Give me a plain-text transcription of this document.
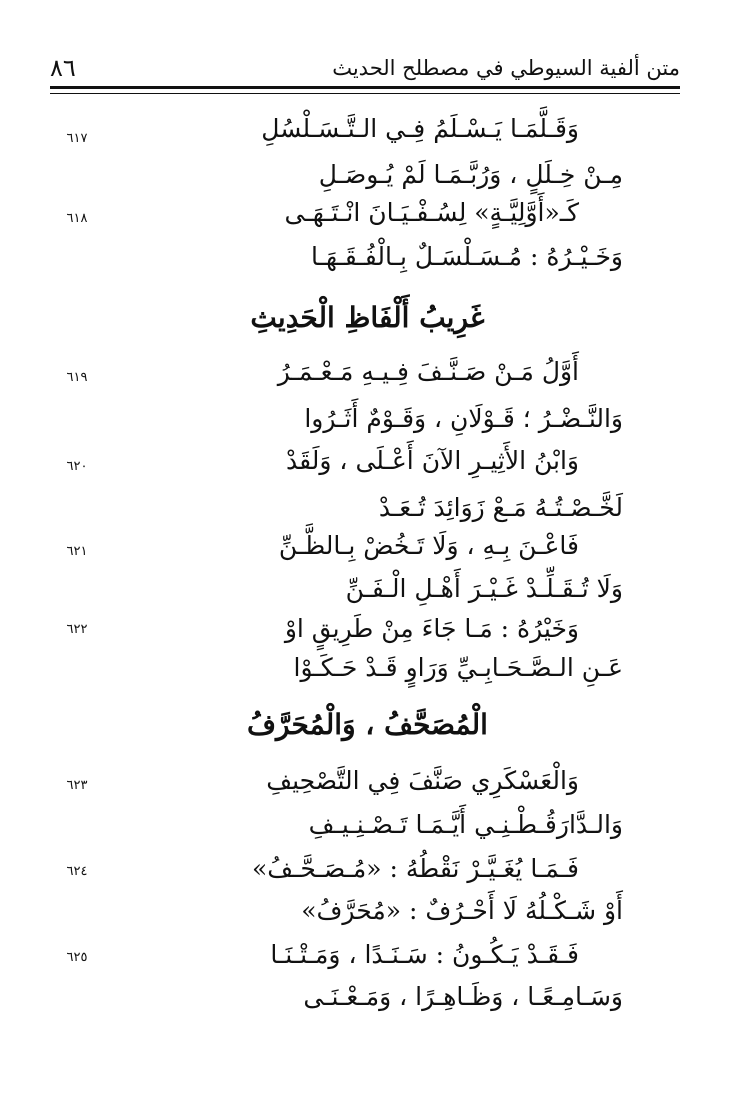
متن ألفية السيوطي في مصطلح الحديث
٨٦
٦١٧	وَقَـلَّمَـا يَـسْـلَمُ فِـي الـتَّـسَـلْسُلِ
مِـنْ خِـلَلٍ ، وَرُبَّـمَـا لَمْ يُـوصَـلِ
٦١٨	كَـ«أَوَّلِيَّـةٍ» لِسُـفْـيَـانَ انْـتَـهَـى
وَخَـيْـرُهُ : مُـسَـلْسَـلٌ بِـالْفُـقَـهَـا
غَرِيبُ أَلْفَاظِ الْحَدِيثِ
٦١٩	أَوَّلُ مَـنْ صَـنَّـفَ فِـيـهِ مَـعْـمَـرُ
وَالنَّـضْـرُ ؛ قَـوْلَانِ ، وَقَـوْمٌ أَثَـرُوا
٦٢٠	وَابْنُ الأَثِيـرِ الآنَ أَعْـلَى ، وَلَقَدْ
لَخَّـصْـتُـهُ مَـعْ زَوَائِدَ تُـعَـدْ
٦٢١	فَاعْـنَ بِـهِ ، وَلَا تَـخُضْ بِـالظَّـنِّ
وَلَا تُـقَـلِّـدْ غَـيْـرَ أَهْـلِ الْـفَـنِّ
٦٢٢	وَخَيْرُهُ : مَـا جَاءَ مِنْ طَرِيقٍ اوْ
عَـنِ الـصَّـحَـابِـيِّ وَرَاوٍ قَـدْ حَـكَـوْا
الْمُصَحَّفُ ، وَالْمُحَرَّفُ
٦٢٣	وَالْعَسْكَرِي صَنَّفَ فِي التَّصْحِيفِ
وَالـدَّارَقُـطْـنِـي أَيَّـمَـا تَـصْـنِـيـفِ
٦٢٤	فَـمَـا يُغَـيَّـرْ نَقْطُهُ : «مُـصَـحَّـفُ»
أَوْ شَـكْـلُهُ لَا أَحْـرُفٌ : «مُحَرَّفُ»
٦٢٥	فَـقَـدْ يَـكُـونُ : سَـنَـدًا ، وَمَـتْـنَـا
وَسَـامِـعًـا ، وَظَـاهِـرًا ، وَمَـعْـنَـى
